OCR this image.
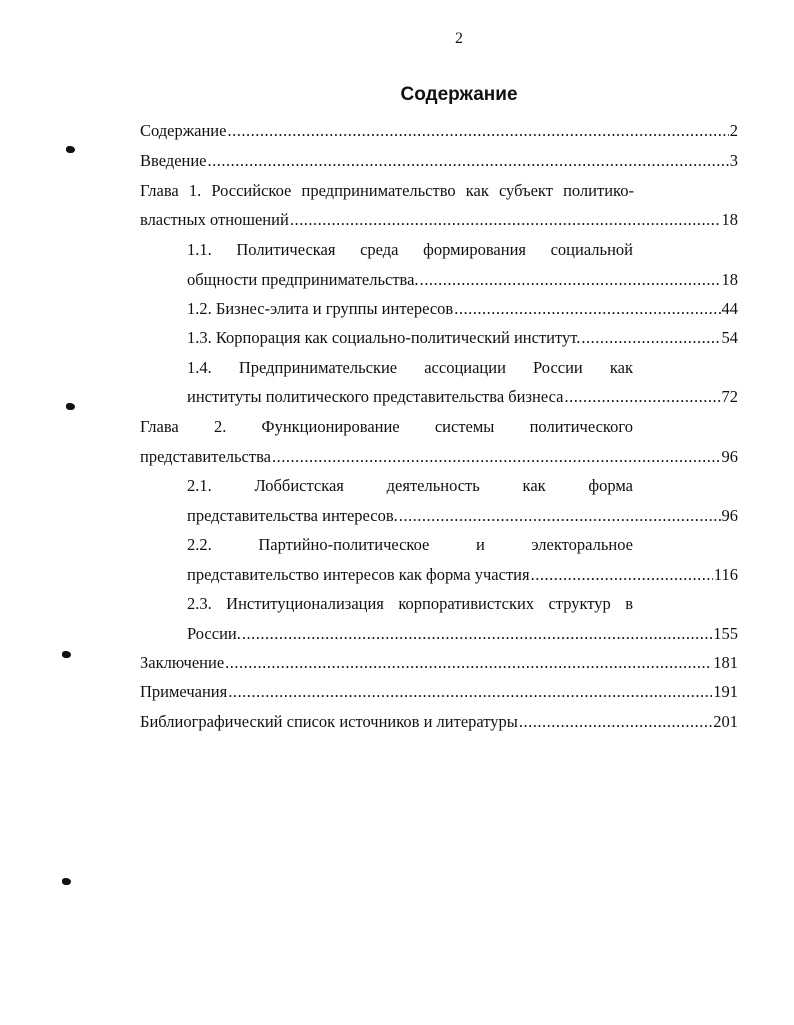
2
Содержание
Содержание .....	2
Введение .....	3
Глава 1. Российское предпринимательство как субъект политико-
властных отношений .....	18
1.1. Политическая среда формирования социальной
общности предпринимательства. .....	18
1.2. Бизнес-элита и группы интересов .....	44
1.3. Корпорация как социально-политический институт. .....	54
1.4. Предпринимательские ассоциации России как
институты политического представительства бизнеса .....	72
Глава 2. Функционирование системы политического
представительства .....	96
2.1.	Лоббистская	деятельность	как	форма
представительства интересов. .....	96
2.2.	Партийно-политическое	и	электоральное
представительство интересов как форма участия .....	116
2.3. Институционализация корпоративистских структур в
России. .....	155
Заключение .....	181
Примечания .....	191
Библиографический список источников и литературы .....	201
